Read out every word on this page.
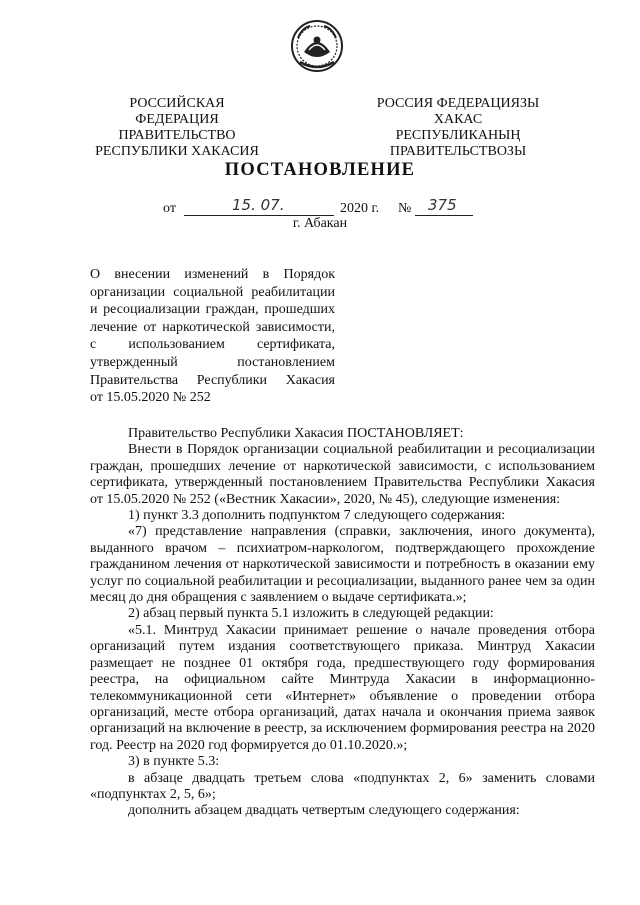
РОССИЙСКАЯ ФЕДЕРАЦИЯ
ПРАВИТЕЛЬСТВО
РЕСПУБЛИКИ ХАКАСИЯ
РОССИЯ ФЕДЕРАЦИЯЗЫ
ХАКАС РЕСПУБЛИКАНЫҢ
ПРАВИТЕЛЬСТВОЗЫ
ПОСТАНОВЛЕНИЕ
от	15. 07.	2020 г. № 375
г. Абакан
О внесении изменений в Порядок
организации социальной реабилитации
и ресоциализации граждан, прошедших
лечение от наркотической зависимости,
с использованием сертификата,
утвержденный постановлением
Правительства Республики Хакасия
от 15.05.2020 № 252

Правительство Республики Хакасия ПОСТАНОВЛЯЕТ:

Внести в Порядок организации социальной реабилитации и ресоциализации граждан, прошедших лечение от наркотической зависимости, с использованием сертификата, утвержденный постановлением Правительства Республики Хакасия от 15.05.2020 № 252 («Вестник Хакасии», 2020, № 45), следующие изменения:

1) пункт 3.3 дополнить подпунктом 7 следующего содержания:

«7) представление направления (справки, заключения, иного документа), выданного врачом – психиатром-наркологом, подтверждающего прохождение гражданином лечения от наркотической зависимости и потребность в оказании ему услуг по социальной реабилитации и ресоциализации, выданного ранее чем за один месяц до дня обращения с заявлением о выдаче сертификата.»;

2) абзац первый пункта 5.1 изложить в следующей редакции:

«5.1. Минтруд Хакасии принимает решение о начале проведения отбора организаций путем издания соответствующего приказа. Минтруд Хакасии размещает не позднее 01 октября года, предшествующего году формирования реестра, на официальном сайте Минтруда Хакасии в информационно-телекоммуникационной сети «Интернет» объявление о проведении отбора организаций, месте отбора организаций, датах начала и окончания приема заявок организаций на включение в реестр, за исключением формирования реестра на 2020 год. Реестр на 2020 год формируется до 01.10.2020.»;

3) в пункте 5.3:

в абзаце двадцать третьем слова «подпунктах 2, 6» заменить словами «подпунктах 2, 5, 6»;

дополнить абзацем двадцать четвертым следующего содержания:
